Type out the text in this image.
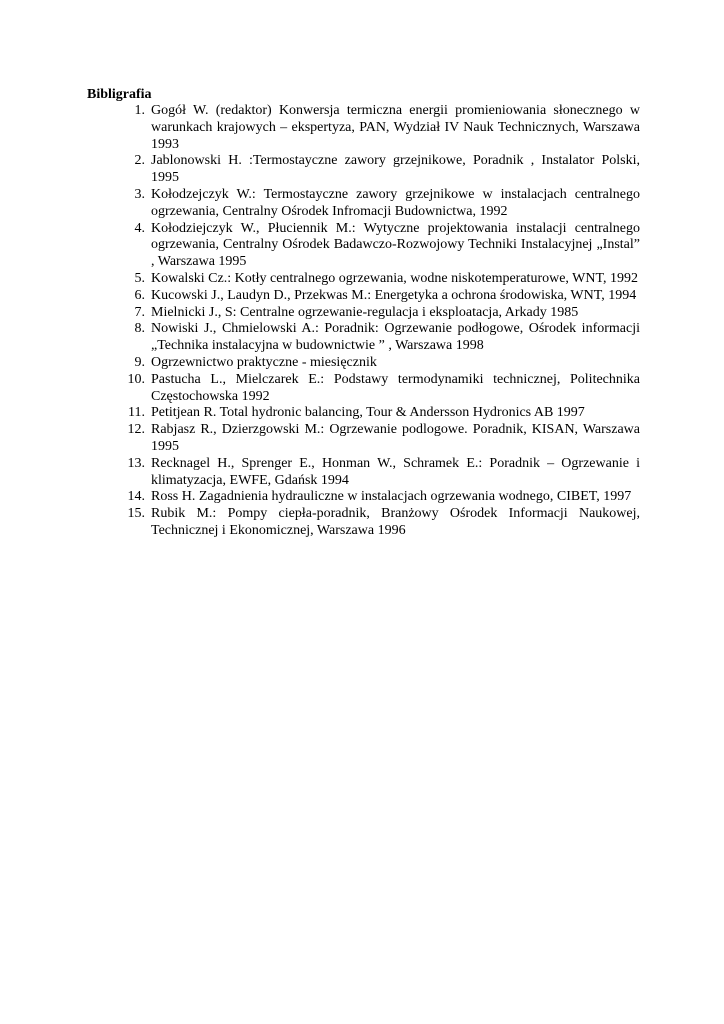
Bibligrafia

1. Gogół W. (redaktor) Konwersja termiczna energii promieniowania słonecznego w warunkach krajowych – ekspertyza, PAN, Wydział IV Nauk Technicznych, Warszawa 1993
2. Jablonowski H. :Termostayczne zawory grzejnikowe, Poradnik , Instalator Polski, 1995
3. Kołodzejczyk W.: Termostayczne zawory grzejnikowe w instalacjach centralnego ogrzewania, Centralny Ośrodek Infromacji Budownictwa, 1992
4. Kołodziejczyk W., Płuciennik M.: Wytyczne projektowania instalacji centralnego ogrzewania, Centralny Ośrodek Badawczo-Rozwojowy Techniki Instalacyjnej „Instal” , Warszawa 1995
5. Kowalski Cz.: Kotły centralnego ogrzewania, wodne niskotemperaturowe, WNT, 1992
6. Kucowski J., Laudyn D., Przekwas M.: Energetyka a ochrona środowiska, WNT, 1994
7. Mielnicki J., S: Centralne ogrzewanie-regulacja i eksploatacja, Arkady 1985
8. Nowiski J., Chmielowski A.: Poradnik: Ogrzewanie podłogowe, Ośrodek informacji „Technika instalacyjna w budownictwie ” , Warszawa 1998
9. Ogrzewnictwo praktyczne - miesięcznik
10. Pastucha L., Mielczarek E.: Podstawy termodynamiki technicznej, Politechnika Częstochowska 1992
11. Petitjean R. Total hydronic balancing, Tour & Andersson Hydronics AB 1997
12. Rabjasz R., Dzierzgowski M.: Ogrzewanie podlogowe. Poradnik, KISAN, Warszawa 1995
13. Recknagel H., Sprenger E., Honman W., Schramek E.: Poradnik – Ogrzewanie i klimatyzacja, EWFE, Gdańsk 1994
14. Ross H. Zagadnienia hydrauliczne w instalacjach ogrzewania wodnego, CIBET, 1997
15. Rubik M.: Pompy ciepła-poradnik, Branżowy Ośrodek Informacji Naukowej, Technicznej i Ekonomicznej, Warszawa 1996
